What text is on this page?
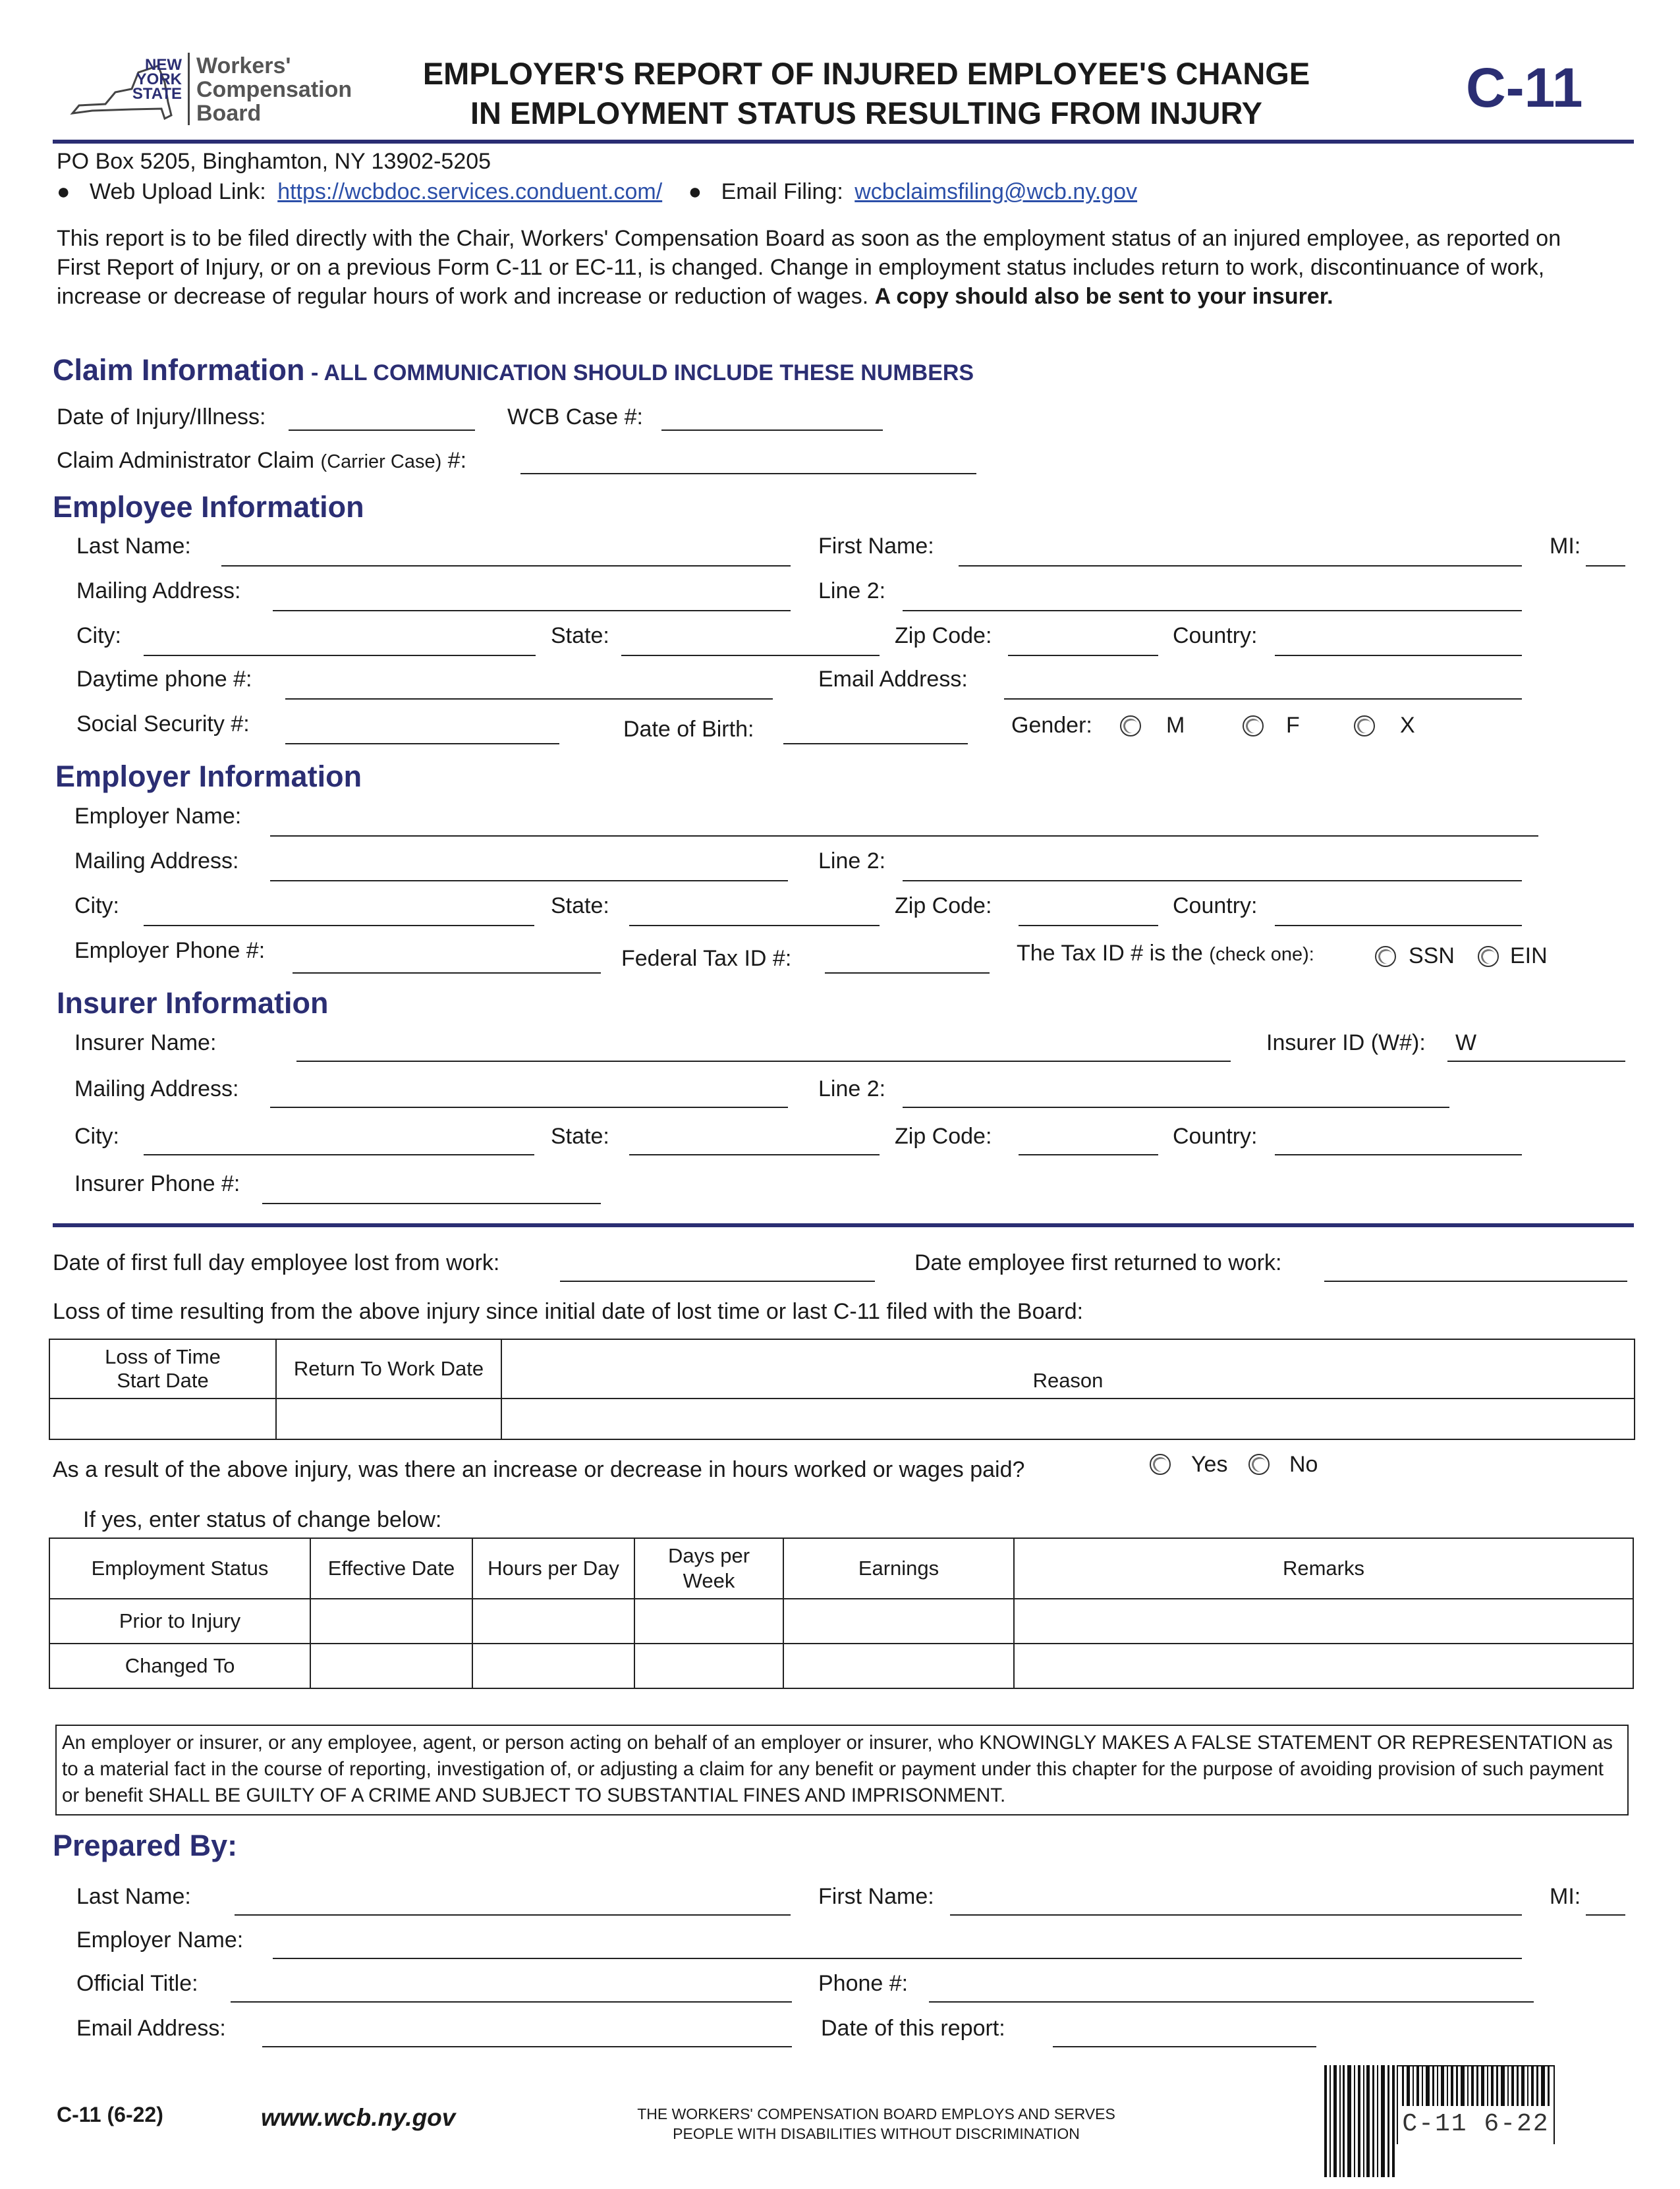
NEW
YORK
STATE
Workers'
Compensation
Board
EMPLOYER'S REPORT OF INJURED EMPLOYEE'S CHANGE
IN EMPLOYMENT STATUS RESULTING FROM INJURY	C-11
PO Box 5205, Binghamton, NY 13902-5205
● Web Upload Link: https://wcbdoc.services.conduent.com/ ● Email Filing: wcbclaimsfiling@wcb.ny.gov
This report is to be filed directly with the Chair, Workers' Compensation Board as soon as the employment status of an injured employee, as reported on First Report of Injury, or on a previous Form C-11 or EC-11, is changed. Change in employment status includes return to work, discontinuance of work, increase or decrease of regular hours of work and increase or reduction of wages. A copy should also be sent to your insurer.
Claim Information - ALL COMMUNICATION SHOULD INCLUDE THESE NUMBERS
Date of Injury/Illness:	WCB Case #:
Claim Administrator Claim (Carrier Case) #:
Employee Information
Last Name:	First Name:	MI:
Mailing Address:	Line 2:
City:	State:	Zip Code:	Country:
Daytime phone #:	Email Address:
Social Security #:	Date of Birth:	Gender:	M	F	X
Employer Information
Employer Name:
Mailing Address:	Line 2:
City:	State:	Zip Code:	Country:
Employer Phone #:	Federal Tax ID #:	The Tax ID # is the (check one):	SSN EIN
Insurer Information
Insurer Name:	Insurer ID (W#): W
Mailing Address:	Line 2:
City:	State:	Zip Code:	Country:
Insurer Phone #:
Date of first full day employee lost from work:	Date employee first returned to work:
Loss of time resulting from the above injury since initial date of lost time or last C-11 filed with the Board:
Loss of Time
Start Date	Return To Work Date	Reason

As a result of the above injury, was there an increase or decrease in hours worked or wages paid?	Yes	No
If yes, enter status of change below:
Employment Status	Effective Date	Hours per Day	Days per Week	Earnings	Remarks
Prior to Injury					
Changed To					
An employer or insurer, or any employee, agent, or person acting on behalf of an employer or insurer, who KNOWINGLY MAKES A FALSE STATEMENT OR REPRESENTATION as to a material fact in the course of reporting, investigation of, or adjusting a claim for any benefit or payment under this chapter for the purpose of avoiding provision of such payment or benefit SHALL BE GUILTY OF A CRIME AND SUBJECT TO SUBSTANTIAL FINES AND IMPRISONMENT.
Prepared By:
Last Name:	First Name:	MI:
Employer Name:
Official Title:	Phone #:
Email Address:	Date of this report:
C-11 (6-22)	www.wcb.ny.gov	THE WORKERS' COMPENSATION BOARD EMPLOYS AND SERVES
PEOPLE WITH DISABILITIES WITHOUT DISCRIMINATION	C-11 6-22
